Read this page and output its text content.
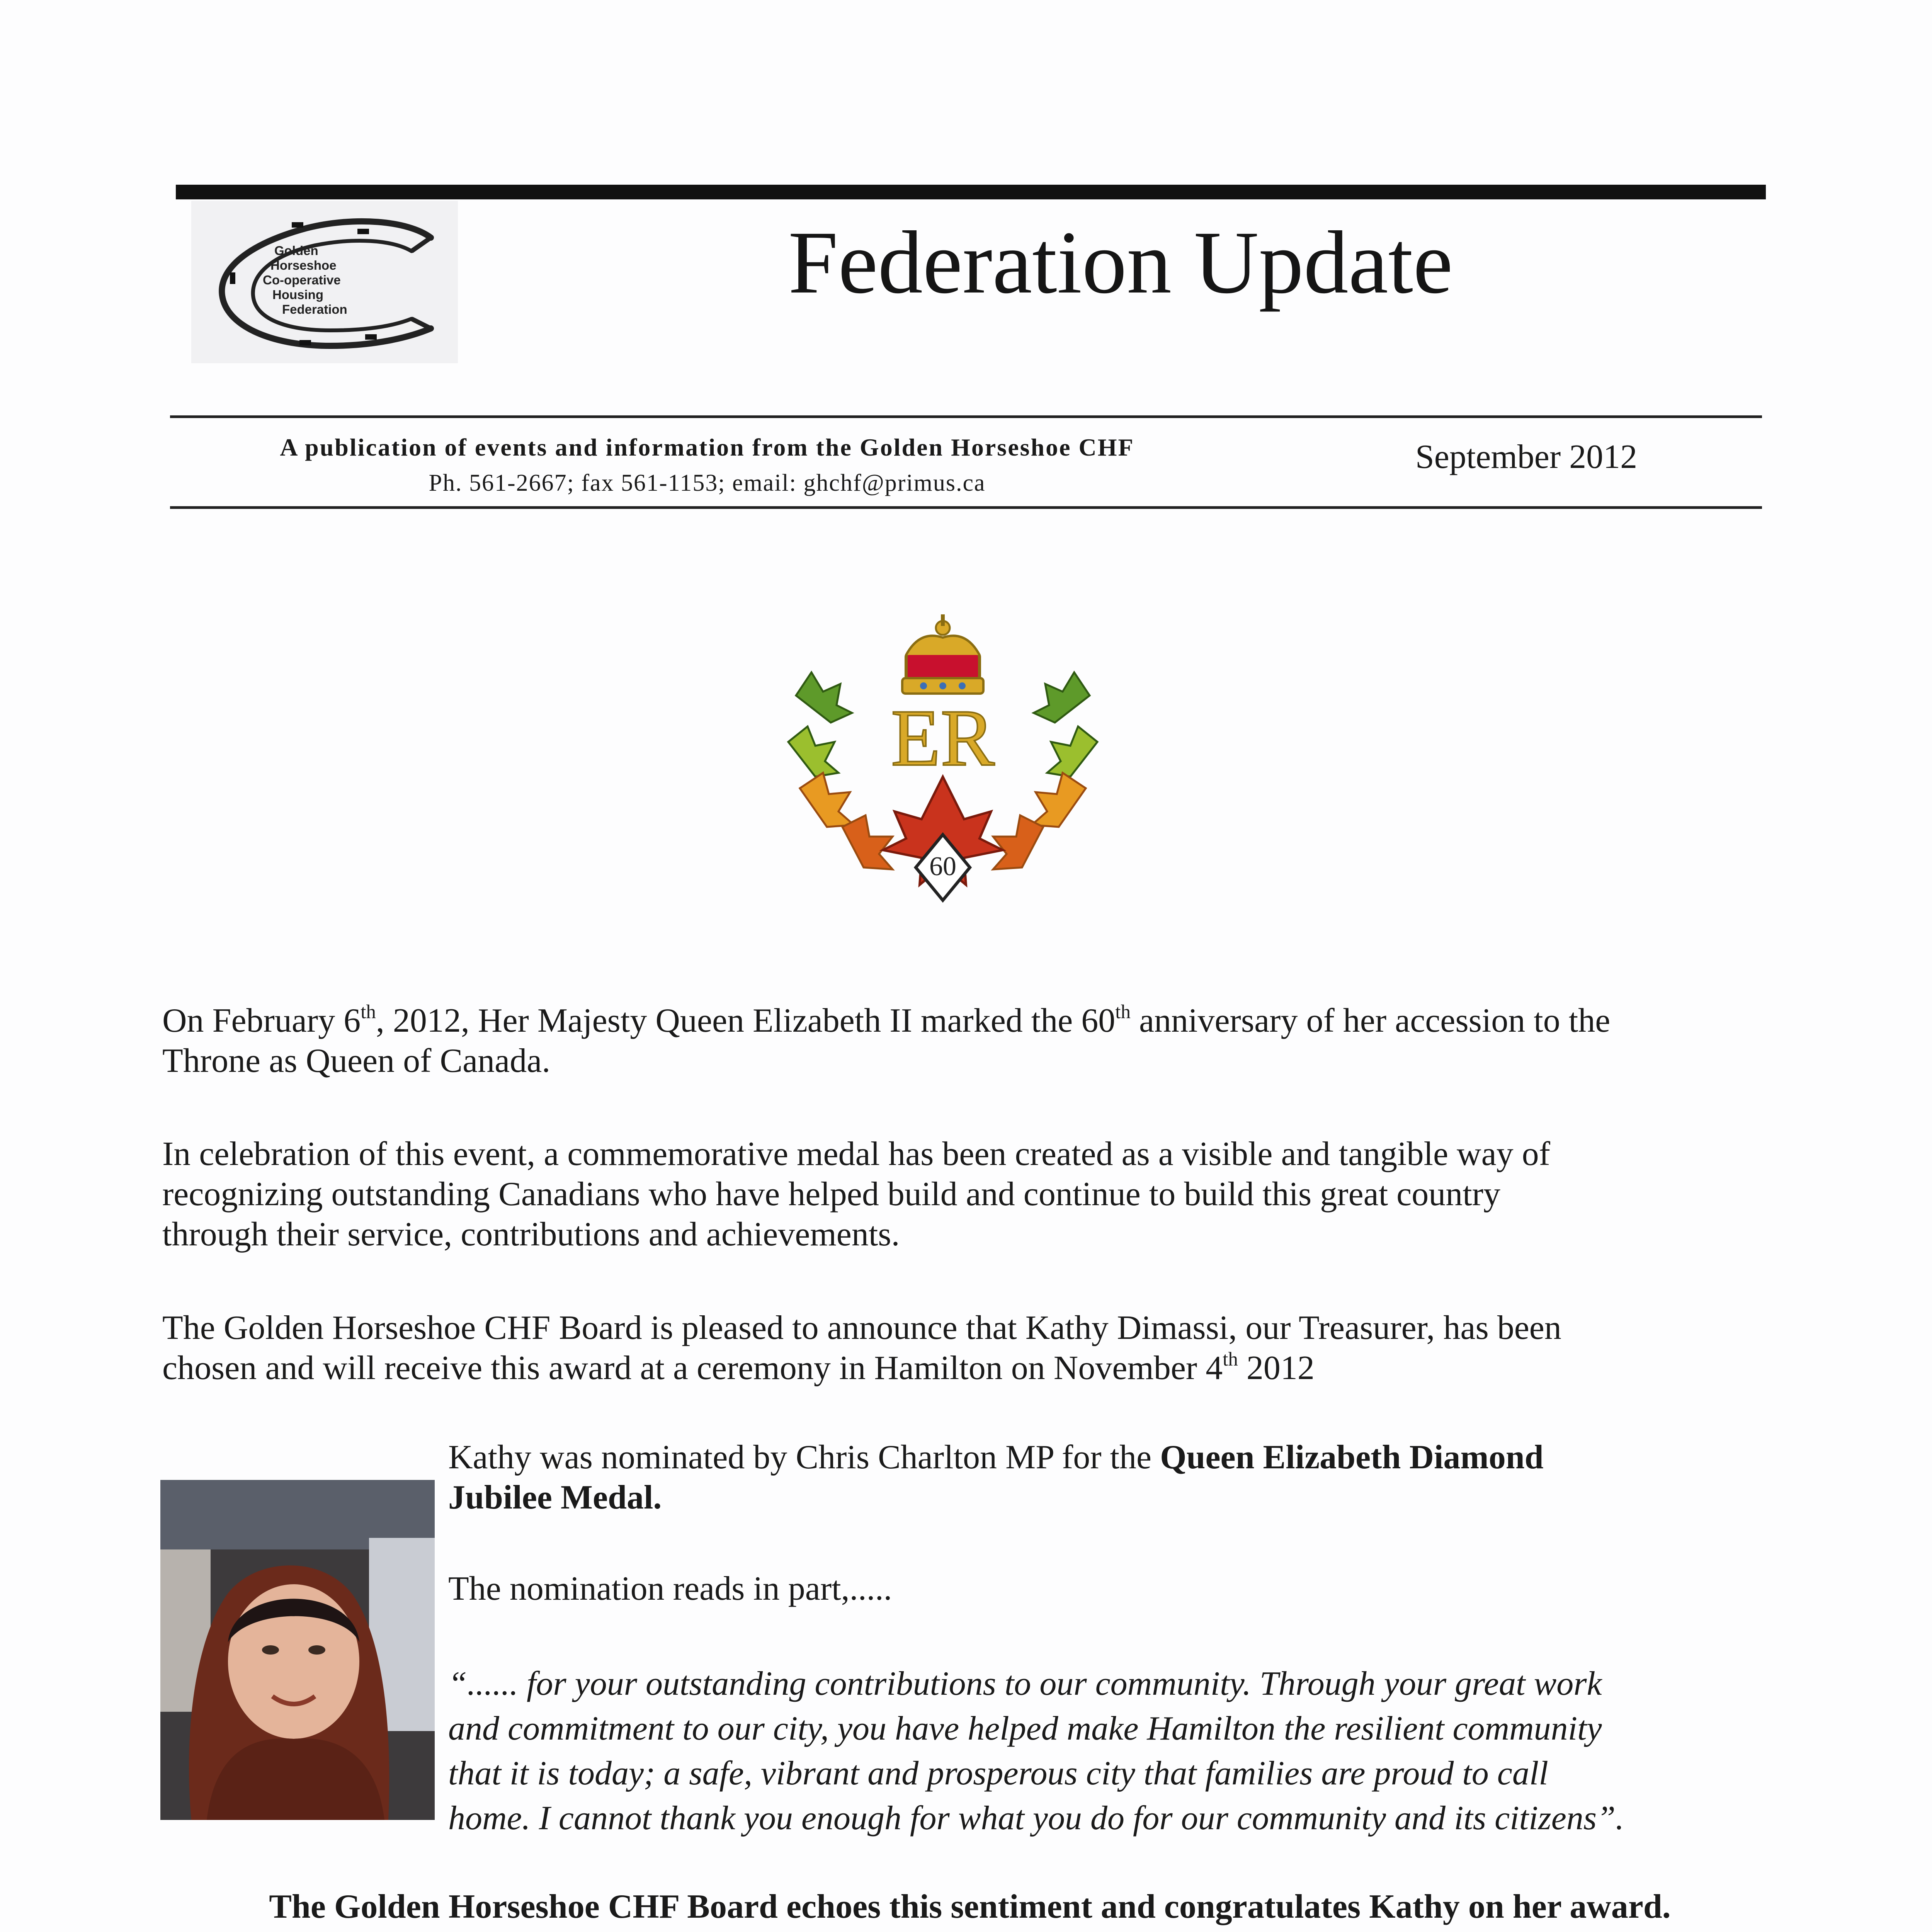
Golden
Horseshoe
Co-operative
Housing
Federation	Federation Update
A publication of events and information from the Golden Horseshoe CHF
Ph. 561-2667; fax 561-1153; email: ghchf@primus.ca
September 2012
60
ER

On February 6th, 2012, Her Majesty Queen Elizabeth II marked the 60th anniversary of her accession to the

Throne as Queen of Canada.

In celebration of this event, a commemorative medal has been created as a visible and tangible way of

recognizing outstanding Canadians who have helped build and continue to build this great country

through their service, contributions and achievements.

The Golden Horseshoe CHF Board is pleased to announce that Kathy Dimassi, our Treasurer, has been

chosen and will receive this award at a ceremony in Hamilton on November 4th 2012

Kathy was nominated by Chris Charlton MP for the Queen Elizabeth Diamond
Jubilee Medal.
The nomination reads in part,.....
“...... for your outstanding contributions to our community. Through your great work
and commitment to our city, you have helped make Hamilton the resilient community
that it is today; a safe, vibrant and prosperous city that families are proud to call
home. I cannot thank you enough for what you do for our community and its citizens”.
The Golden Horseshoe CHF Board echoes this sentiment and congratulates Kathy on her award.
